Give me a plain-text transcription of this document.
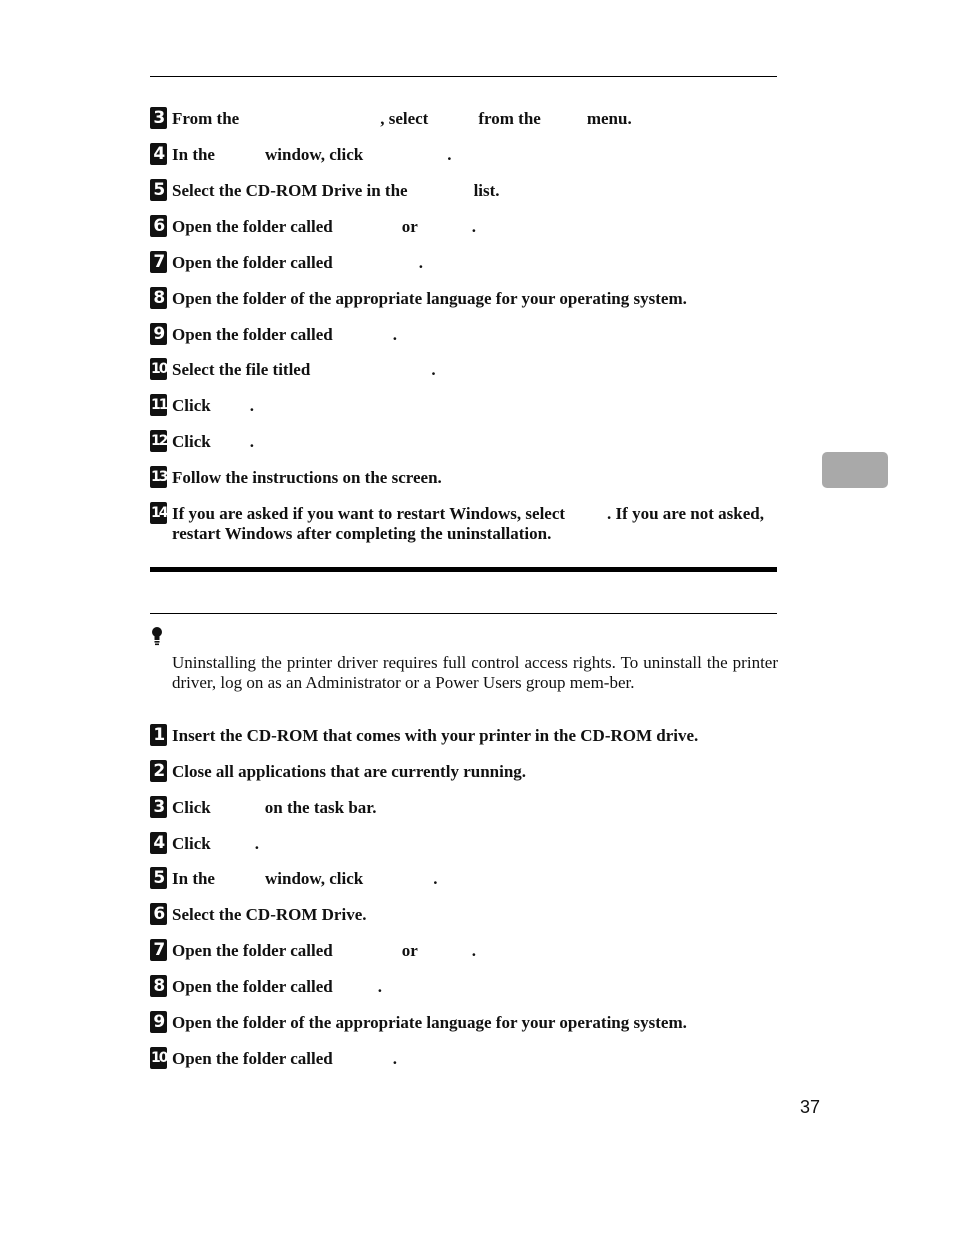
3 From the	, select	from the	menu.
4 In the	window, click	.
5 Select the CD-ROM Drive in the	list.
6 Open the folder called	or	.
7 Open the folder called	.
8 Open the folder of the appropriate language for your operating system.
9 Open the folder called	.
10 Select the file titled	.
11 Click .
12 Click .
13 Follow the instructions on the screen.
14 If you are asked if you want to restart Windows, select . If you are not asked, restart Windows after completing the uninstallation.
Uninstalling the printer driver requires full control access rights. To uninstall the printer driver, log on as an Administrator or a Power Users group mem-ber.
1 Insert the CD-ROM that comes with your printer in the CD-ROM drive.
2 Close all applications that are currently running.
3 Click	on the task bar.
4 Click	.
5 In the	window, click	.
6 Select the CD-ROM Drive.
7 Open the folder called	or	.
8 Open the folder called	.
9 Open the folder of the appropriate language for your operating system.
10 Open the folder called	.
37
